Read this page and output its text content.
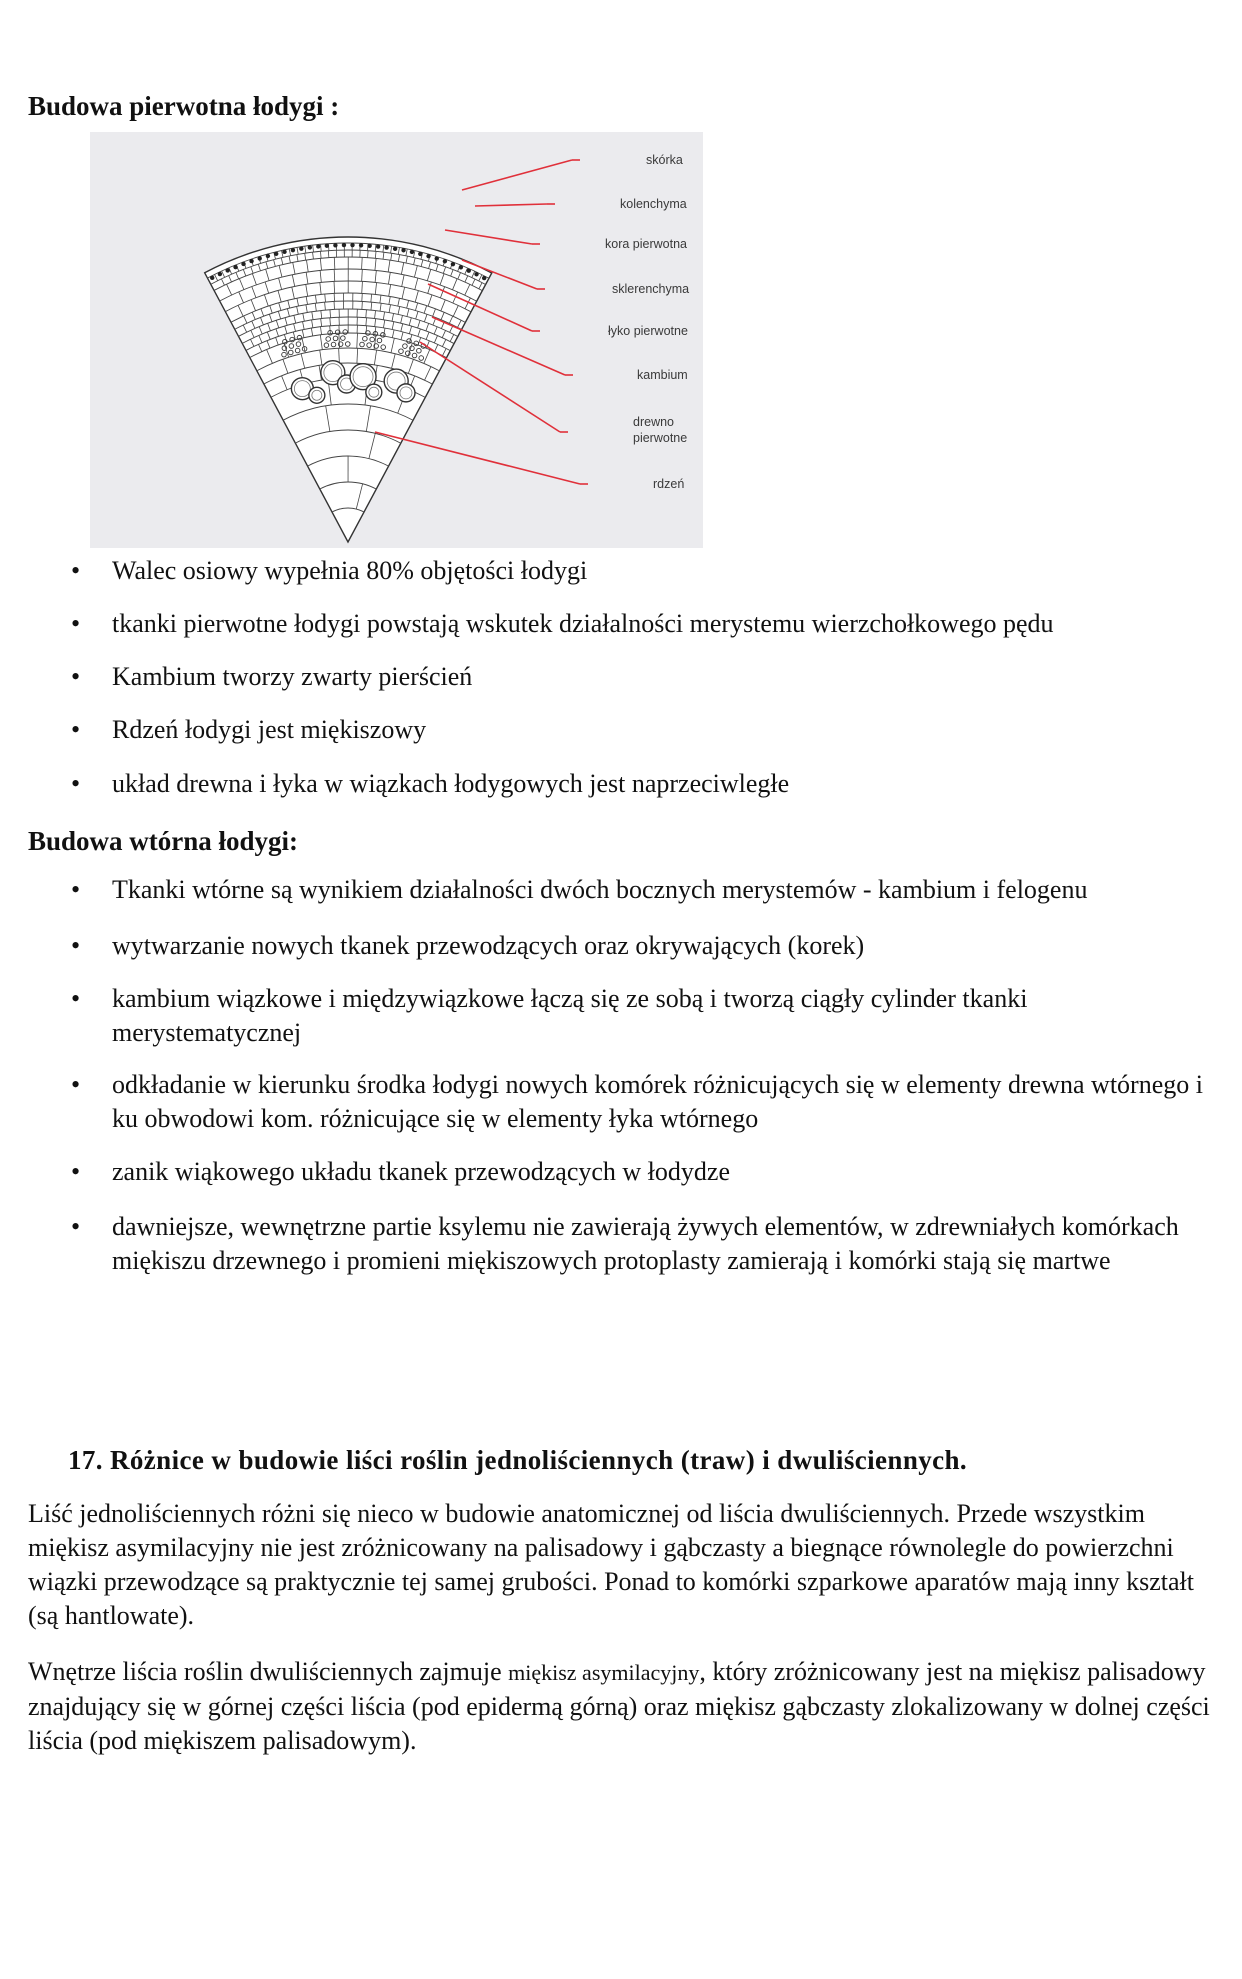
Budowa pierwotna łodygi :
skórka
kolenchyma
kora pierwotna
sklerenchyma
łyko pierwotne
kambium
drewno
pierwotne
rdzeń
• Walec osiowy wypełnia 80% objętości łodygi
• tkanki pierwotne łodygi powstają wskutek działalności merystemu wierzchołkowego pędu
• Kambium tworzy zwarty pierścień
• Rdzeń łodygi jest miękiszowy
• układ drewna i łyka w wiązkach łodygowych jest naprzeciwległe
Budowa wtórna łodygi:
• Tkanki wtórne są wynikiem działalności dwóch bocznych merystemów - kambium i felogenu
• wytwarzanie nowych tkanek przewodzących oraz okrywających (korek)
• kambium wiązkowe i międzywiązkowe łączą się ze sobą i tworzą ciągły cylinder tkanki merystematycznej
• odkładanie w kierunku środka łodygi nowych komórek różnicujących się w elementy drewna wtórnego i ku obwodowi kom. różnicujące się w elementy łyka wtórnego
• zanik wiąkowego układu tkanek przewodzących w łodydze
• dawniejsze, wewnętrzne partie ksylemu nie zawierają żywych elementów, w zdrewniałych komórkach miękiszu drzewnego i promieni miękiszowych protoplasty zamierają i komórki stają się martwe
17. Różnice w budowie liści roślin jednoliściennych (traw) i dwuliściennych.
Liść jednoliściennych różni się nieco w budowie anatomicznej od liścia dwuliściennych. Przede wszystkim miękisz asymilacyjny nie jest zróżnicowany na palisadowy i gąbczasty a biegnące równolegle do powierzchni wiązki przewodzące są praktycznie tej samej grubości. Ponad to komórki szparkowe aparatów mają inny kształt (są hantlowate).
Wnętrze liścia roślin dwuliściennych zajmuje miękisz asymilacyjny, który zróżnicowany jest na miękisz palisadowy znajdujący się w górnej części liścia (pod epidermą górną) oraz miękisz gąbczasty zlokalizowany w dolnej części liścia (pod miękiszem palisadowym).
